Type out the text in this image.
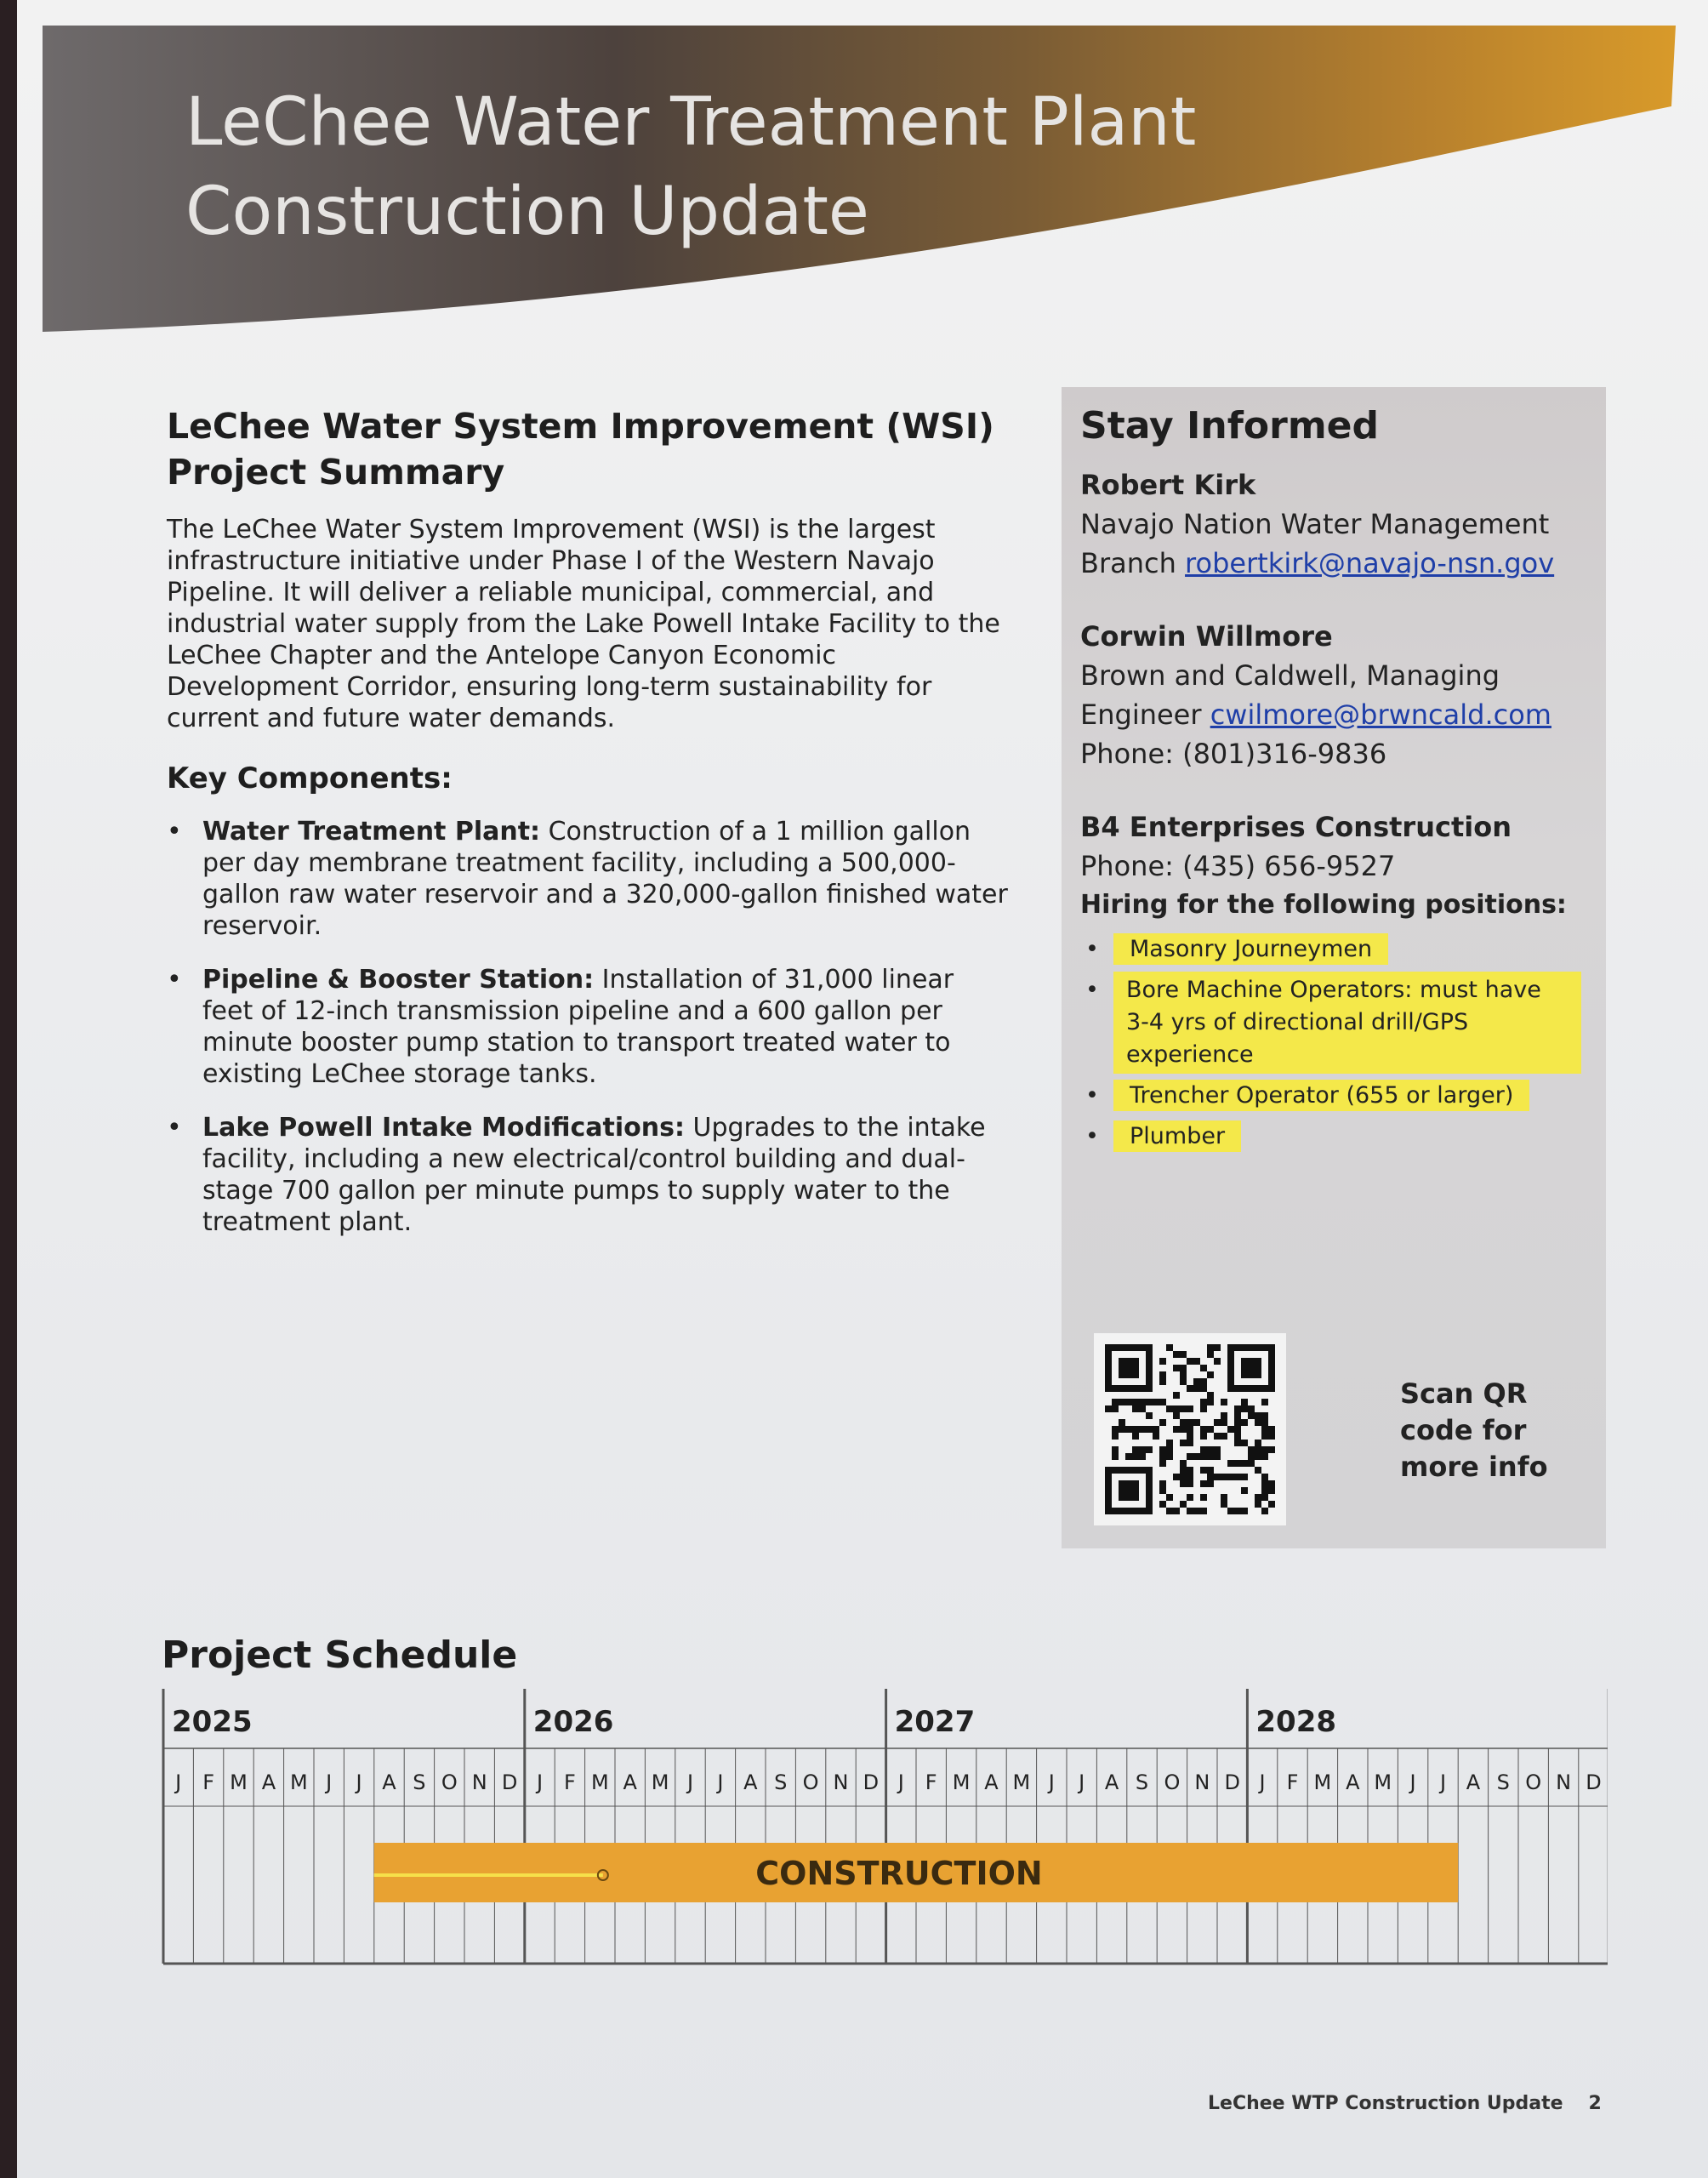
LeChee Water Treatment Plant
Construction Update
LeChee Water System Improvement (WSI)
Project Summary

The LeChee Water System Improvement (WSI) is the largest infrastructure initiative under Phase I of the Western Navajo Pipeline. It will deliver a reliable municipal, commercial, and industrial water supply from the Lake Powell Intake Facility to the LeChee Chapter and the Antelope Canyon Economic Development Corridor, ensuring long-term sustainability for current and future water demands.

Key Components:
• Water Treatment Plant: Construction of a 1 million gallon per day membrane treatment facility, including a 500,000-gallon raw water reservoir and a 320,000-gallon finished water reservoir.
• Pipeline & Booster Station: Installation of 31,000 linear feet of 12-inch transmission pipeline and a 600 gallon per minute booster pump station to transport treated water to existing LeChee storage tanks.
• Lake Powell Intake Modifications: Upgrades to the intake facility, including a new electrical/control building and dual-stage 700 gallon per minute pumps to supply water to the treatment plant.
Stay Informed
Robert Kirk
Navajo Nation Water Management
Branch robertkirk@navajo-nsn.gov
Corwin Willmore
Brown and Caldwell, Managing
Engineer cwilmore@brwncald.com
Phone: (801)316-9836
B4 Enterprises Construction
Phone: (435) 656-9527
Hiring for the following positions:
• Masonry Journeymen
• Bore Machine Operators: must have 3-4 yrs of directional drill/GPS experience
• Trencher Operator (655 or larger)
• Plumber
Scan QR code for more info
Project Schedule
2025	2026	2027	2028
J F M A M J J A S O N D J F M A M J J A S O N D J F M A M J J A S O N D J F M A M J J A S O N D
CONSTRUCTION
LeChee WTP Construction Update 2
